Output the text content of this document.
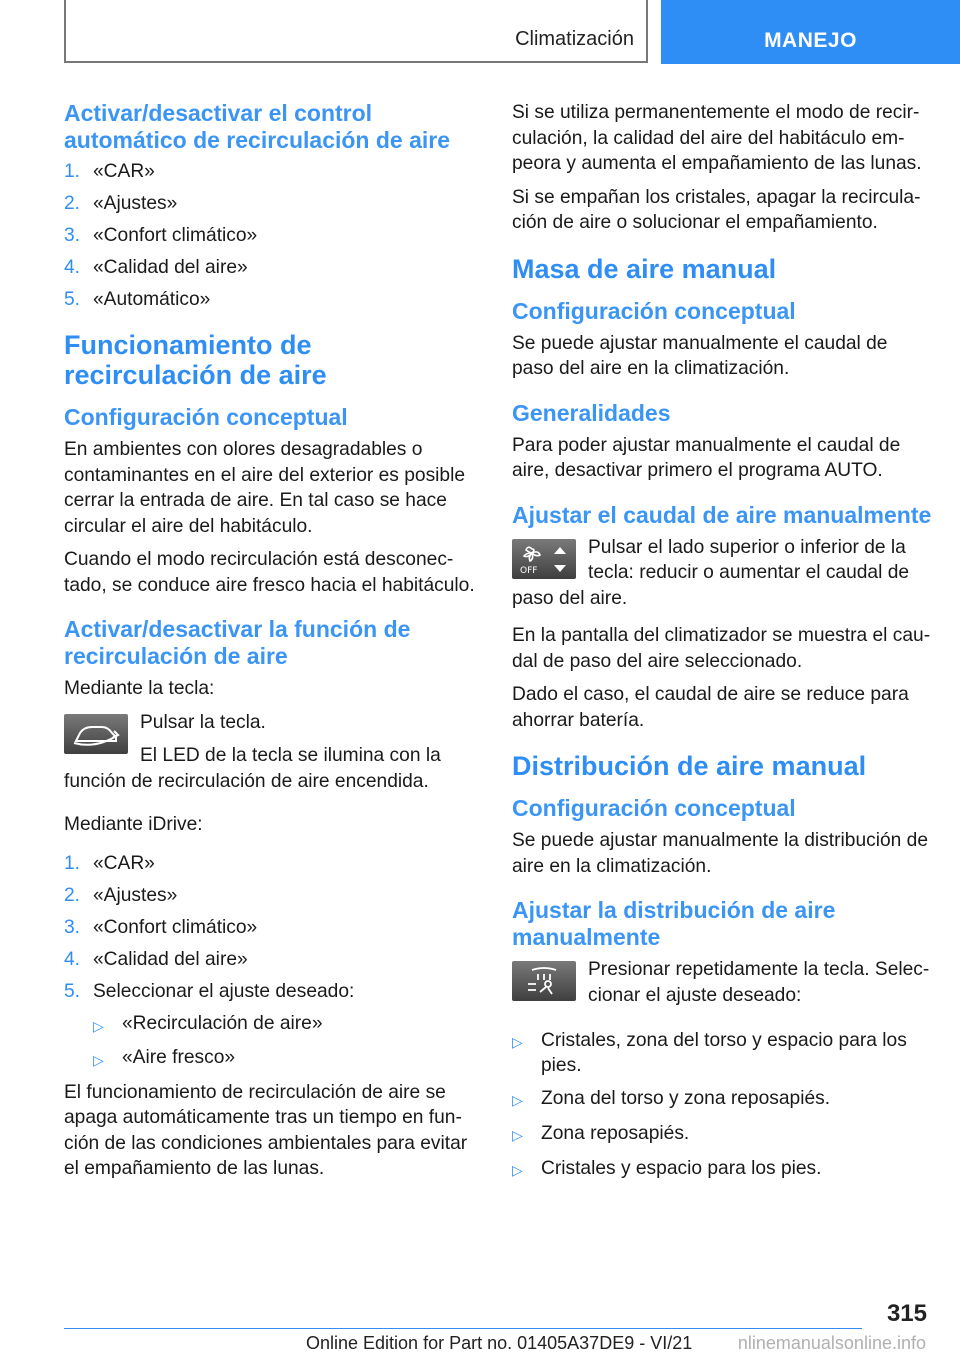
Climatización	MANEJO
Activar/desactivar el control automático de recirculación de aire
1. «CAR»
2. «Ajustes»
3. «Confort climático»
4. «Calidad del aire»
5. «Automático»
Funcionamiento de recirculación de aire
Configuración conceptual

En ambientes con olores desagradables o contaminantes en el aire del exterior es posible cerrar la entrada de aire. En tal caso se hace circular el aire del habitáculo.

Cuando el modo recirculación está desconectado, se conduce aire fresco hacia el habitáculo.

Activar/desactivar la función de recirculación de aire

Mediante la tecla:

Pulsar la tecla.

El LED de la tecla se ilumina con la función de recirculación de aire encendida.

Mediante iDrive:

1. «CAR»
2. «Ajustes»
3. «Confort climático»
4. «Calidad del aire»
5. Seleccionar el ajuste deseado:
▷ «Recirculación de aire»
▷ «Aire fresco»

El funcionamiento de recirculación de aire se apaga automáticamente tras un tiempo en función de las condiciones ambientales para evitar el empañamiento de las lunas.

Si se utiliza permanentemente el modo de recirculación, la calidad del aire del habitáculo empeora y aumenta el empañamiento de las lunas.

Si se empañan los cristales, apagar la recirculación de aire o solucionar el empañamiento.

Masa de aire manual
Configuración conceptual

Se puede ajustar manualmente el caudal de paso del aire en la climatización.

Generalidades

Para poder ajustar manualmente el caudal de aire, desactivar primero el programa AUTO.

Ajustar el caudal de aire manualmente
OFF

Pulsar el lado superior o inferior de la tecla: reducir o aumentar el caudal de paso del aire.

En la pantalla del climatizador se muestra el caudal de paso del aire seleccionado.

Dado el caso, el caudal de aire se reduce para ahorrar batería.

Distribución de aire manual
Configuración conceptual

Se puede ajustar manualmente la distribución de aire en la climatización.

Ajustar la distribución de aire manualmente

Presionar repetidamente la tecla. Seleccionar el ajuste deseado:

▷ Cristales, zona del torso y espacio para los pies.
▷ Zona del torso y zona reposapiés.
▷ Zona reposapiés.
▷ Cristales y espacio para los pies.
315
Online Edition for Part no. 01405A37DE9 - VI/21	nlinemanualsonline.info
